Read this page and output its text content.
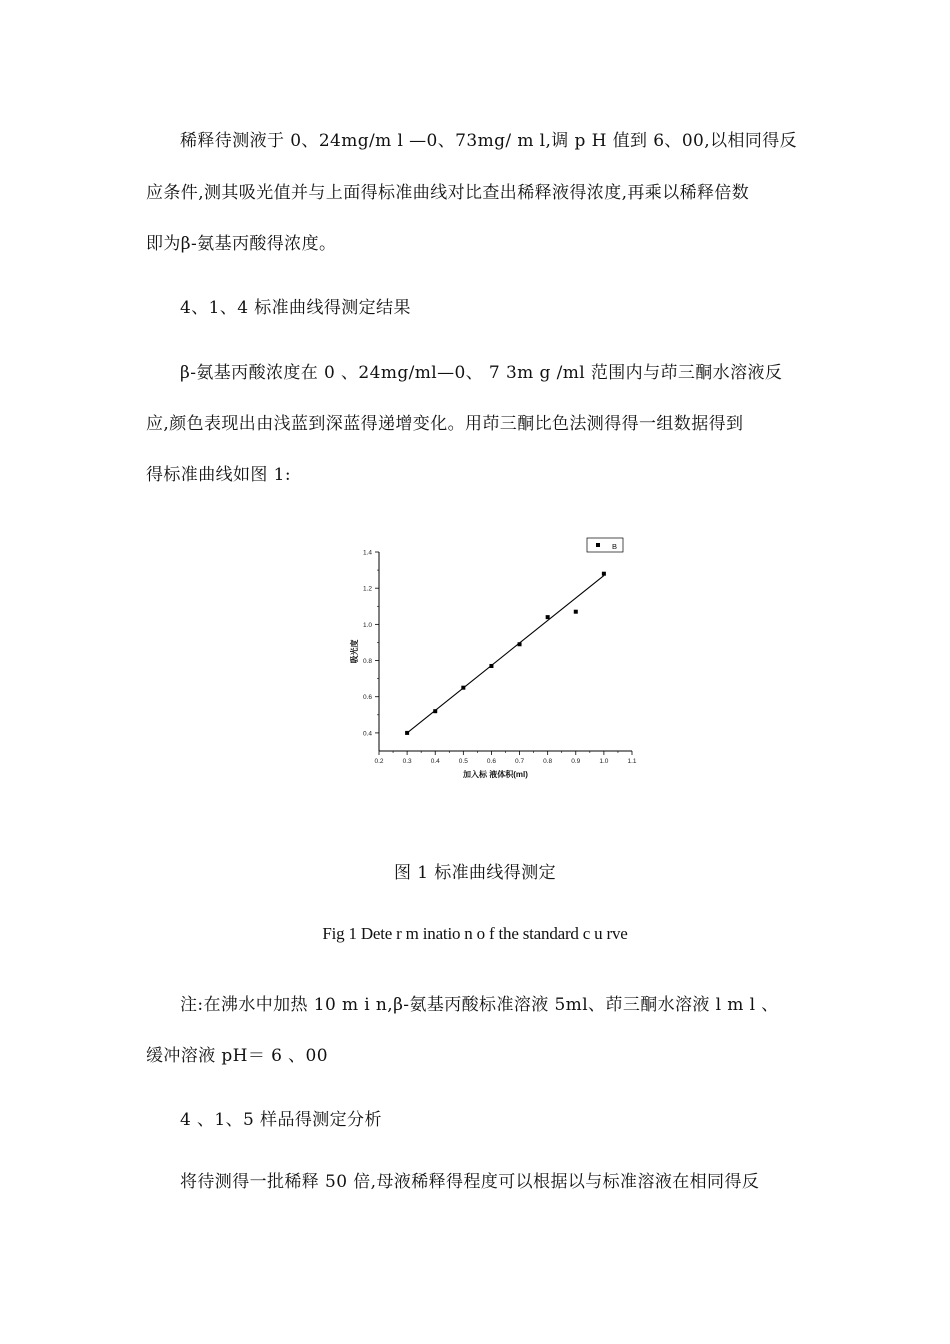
稀释待测液于 0、24mg/m l —0、73mg/ m l,调 p H 值到 6、00,以相同得反
应条件,测其吸光值并与上面得标准曲线对比查出稀释液得浓度,再乘以稀释倍数
即为β-氨基丙酸得浓度。
4、1、4 标准曲线得测定结果
β-氨基丙酸浓度在 0 、24mg/ml—0、 7 3m g /ml 范围内与茚三酮水溶液反
应,颜色表现出由浅蓝到深蓝得递增变化。用茚三酮比色法测得得一组数据得到
得标准曲线如图 1:
0.2	0.3	0.4	0.5	0.6	0.7	0.8	0.9	1.0	1.1
0.4
0.6
0.8
1.0
1.2
1.4
加入标 液体积(ml)
吸光度
B
图 1 标准曲线得测定
Fig 1 Dete r m inatio n o f the standard c u rve
注:在沸水中加热 10 m i n,β-氨基丙酸标准溶液 5ml、茚三酮水溶液 l m l 、
缓冲溶液 pH＝ 6 、00
4 、1、5 样品得测定分析
将待测得一批稀释 50 倍,母液稀释得程度可以根据以与标准溶液在相同得反
